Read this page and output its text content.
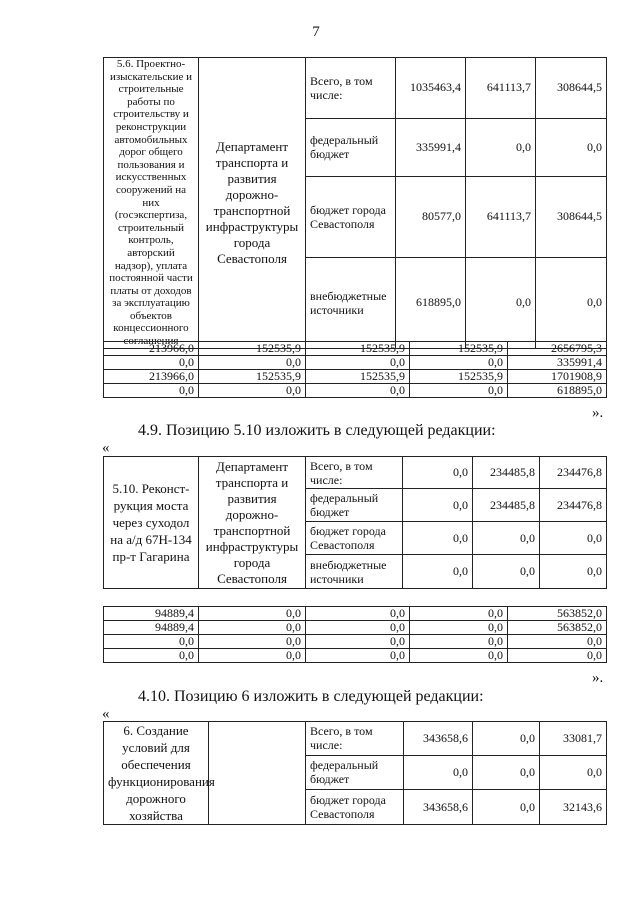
7
5.6. Проектно-изыскательские и строительные работы по строительству и реконструкции автомобильных дорог общего пользования и искусственных сооружений на них (госэкспертиза, строительный контроль, авторский надзор), уплата постоянной части платы от доходов за эксплуатацию объектов концессионного соглашения	Департамент транспорта и развития дорожно-транспортной инфраструктуры города Севастополя	Всего, в том числе:	1035463,4	641113,7	308644,5
		федеральный бюджет	335991,4	0,0	0,0
		бюджет города Севастополя	80577,0	641113,7	308644,5
		внебюджетные источники	618895,0	0,0	0,0
213966,0	152535,9	152535,9	152535,9	2656795,3
0,0	0,0	0,0	0,0	335991,4
213966,0	152535,9	152535,9	152535,9	1701908,9
0,0	0,0	0,0	0,0	618895,0
».
4.9. Позицию 5.10 изложить в следующей редакции:
«
5.10. Реконст-рукция моста через суходол на а/д 67Н-134 пр-т Гагарина	Департамент транспорта и развития дорожно-транспортной инфраструктуры города Севастополя	Всего, в том числе:	0,0	234485,8	234476,8
		федеральный бюджет	0,0	234485,8	234476,8
		бюджет города Севастополя	0,0	0,0	0,0
		внебюджетные источники	0,0	0,0	0,0
94889,4	0,0	0,0	0,0	563852,0
94889,4	0,0	0,0	0,0	563852,0
0,0	0,0	0,0	0,0	0,0
0,0	0,0	0,0	0,0	0,0
».
4.10. Позицию 6 изложить в следующей редакции:
«
6. Создание условий для обеспечения функционирования дорожного хозяйства		Всего, в том числе:	343658,6	0,0	33081,7
		федеральный бюджет	0,0	0,0	0,0
		бюджет города Севастополя	343658,6	0,0	32143,6
